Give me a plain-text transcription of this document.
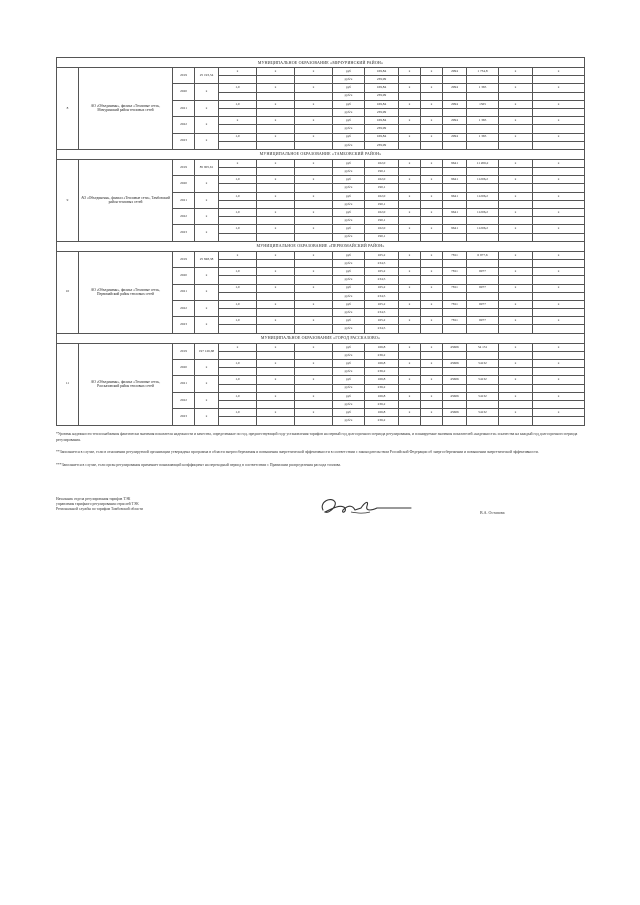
МУНИЦИПАЛЬНОЕ ОБРАЗОВАНИЕ «МИЧУРИНСКИЙ РАЙОН»														
8	АО «Объединенн», филиал «Тепловые сети», Мичуринский район тепловых сетей	2019	25 193,54	x	x	x	руб	169,84	x	x	2994	1 734,8	x	x
							руб/ч	239,99						
		2020	x	1,0	x	x	руб	169,84	x	x	2994	1 365	x	x
							руб/ч	239,99						
		2021	x	1,0	x	x	руб	169,84	x	x	2994	1365	x	x
							руб/ч	239,99						
		2022	x	x	x	x	руб	169,84	x	x	2994	1 365	x	x
							руб/ч	239,99						
		2023	x	1,0	x	x	руб	169,84	x	x	2994	1 365	x	x
							руб/ч	239,99						
МУНИЦИПАЛЬНОЕ ОБРАЗОВАНИЕ «ТАМБОВСКИЙ РАЙОН»														
9	АО «Объединенн», филиал «Тепловые сети», Тамбовский район тепловых сетей	2019	85 905,61	x	x	x	руб	162,0	x	x	9641	11 206,2	x	x
							руб/ч	190,1						
		2020	x	1,0	x	x	руб	162,0	x	x	9641	11206,2	x	x
							руб/ч	190,1						
		2021	x	1,0	x	x	руб	162,0	x	x	9641	11206,2	x	x
							руб/ч	190,1						
		2022	x	1,0	x	x	руб	162,0	x	x	9641	11206,2	x	x
							руб/ч	190,1						
		2023	x	1,0	x	x	руб	162,0	x	x	9641	11206,2	x	x
							руб/ч	190,1						
МУНИЦИПАЛЬНОЕ ОБРАЗОВАНИЕ «ПЕРВОМАЙСКИЙ РАЙОН»														
10	АО «Объединенн», филиал «Тепловые сети», Первомайский район тепловых сетей	2019	25 848,38	x	x	x	руб	165,2	x	x	7811	6 977,6	x	x
							руб/ч	234,5						
		2020	x	1,0	x	x	руб	165,2	x	x	7811	6977	x	x
							руб/ч	234,5						
		2021	x	1,0	x	x	руб	165,2	x	x	7811	6977	x	x
							руб/ч	234,5						
		2022	x	1,0	x	x	руб	165,2	x	x	7811	6977	x	x
							руб/ч	234,5						
		2023	x	1,0	x	x	руб	165,2	x	x	7811	6977	x	x
							руб/ч	234,5						
МУНИЦИПАЛЬНОЕ ОБРАЗОВАНИЕ «ГОРОД РАССКАЗОВО»														
11	АО «Объединенн», филиал «Тепловые сети», Рассказовский район тепловых сетей	2019	197 126,68	x	x	x	руб	166,8	x	x	45606	54 131	x	x
							руб/ч	236,2						
		2020	x	1,0	x	x	руб	166,8	x	x	45606	54132	x	x
							руб/ч	236,2						
		2021	x	1,0	x	x	руб	166,8	x	x	45606	54132	x	x
							руб/ч	236,2						
		2022	x	1,0	x	x	руб	166,8	x	x	45606	54132	x	x
							руб/ч	236,2						
		2023	x	1,0	x	x	руб	166,8	x	x	45606	54132	x	x
							руб/ч	236,2						

*Уровень надежности теплоснабжения фактически значения показателя надежности и качества, определенные по год, предшествующий году установления тарифов на первый год долгосрочного периода регулирования, и планируемые значения показателей «надежности» и качества на каждый год долгосрочного периода регулирования.

**Заполняется в случае, если в отношении регулируемой организации утверждена программа в области энергосбережения и повышения энергетической эффективности в соответствии с законодательством Российской Федерации об энергосбережении и повышении энергетической эффективности.

***Заполняется в случае, если орган регулирования применяет понижающий коэффициент на переходный период в соответствии с Правилами распределения расхода топлива.

Начальник отдела регулирования тарифов ТЭК
управления тарифного регулирования отраслей ТЭК
Региональной службы по тарифам Тамбовской области
В.А. Остапова
